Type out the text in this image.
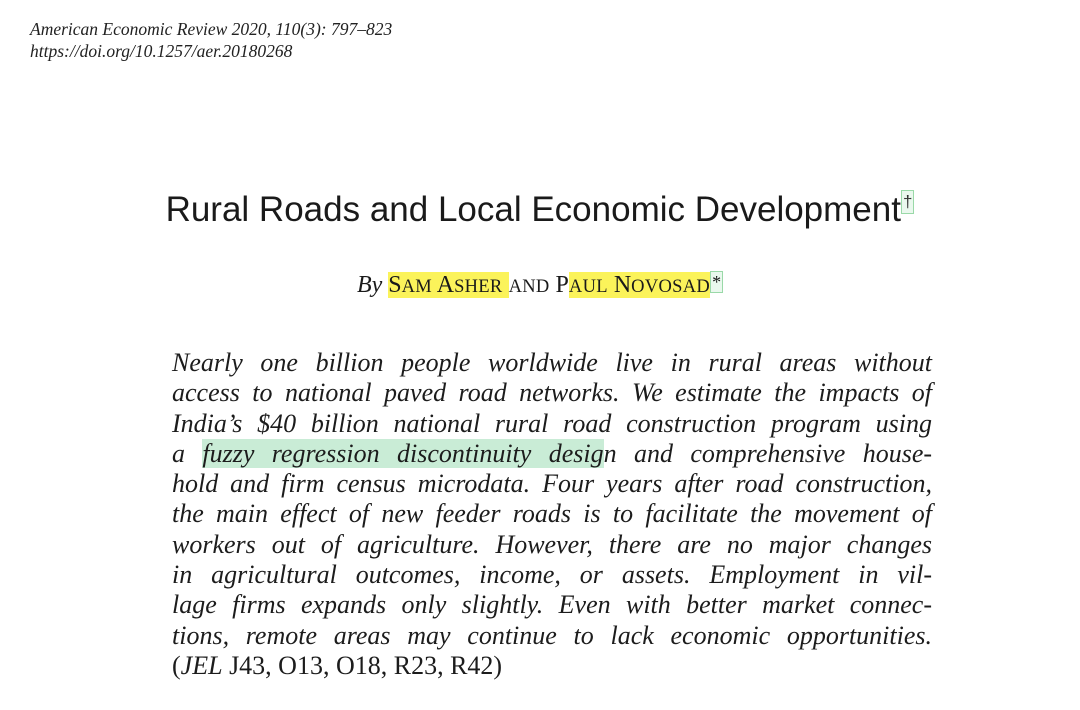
American Economic Review 2020, 110(3): 797–823
https://doi.org/10.1257/aer.20180268
Rural Roads and Local Economic Development †
By SAM ASHER AND PAUL NOVOSAD *
Nearly one billion people worldwide live in rural areas without
access to national paved road networks. We estimate the impacts of
India’s $40 billion national rural road construction program using
a fuzzy regression discontinuity design and comprehensive house-
hold and firm census microdata. Four years after road construction,
the main effect of new feeder roads is to facilitate the movement of
workers out of agriculture. However, there are no major changes
in agricultural outcomes, income, or assets. Employment in vil-
lage firms expands only slightly. Even with better market connec-
tions, remote areas may continue to lack economic opportunities.
(JEL J43, O13, O18, R23, R42)
